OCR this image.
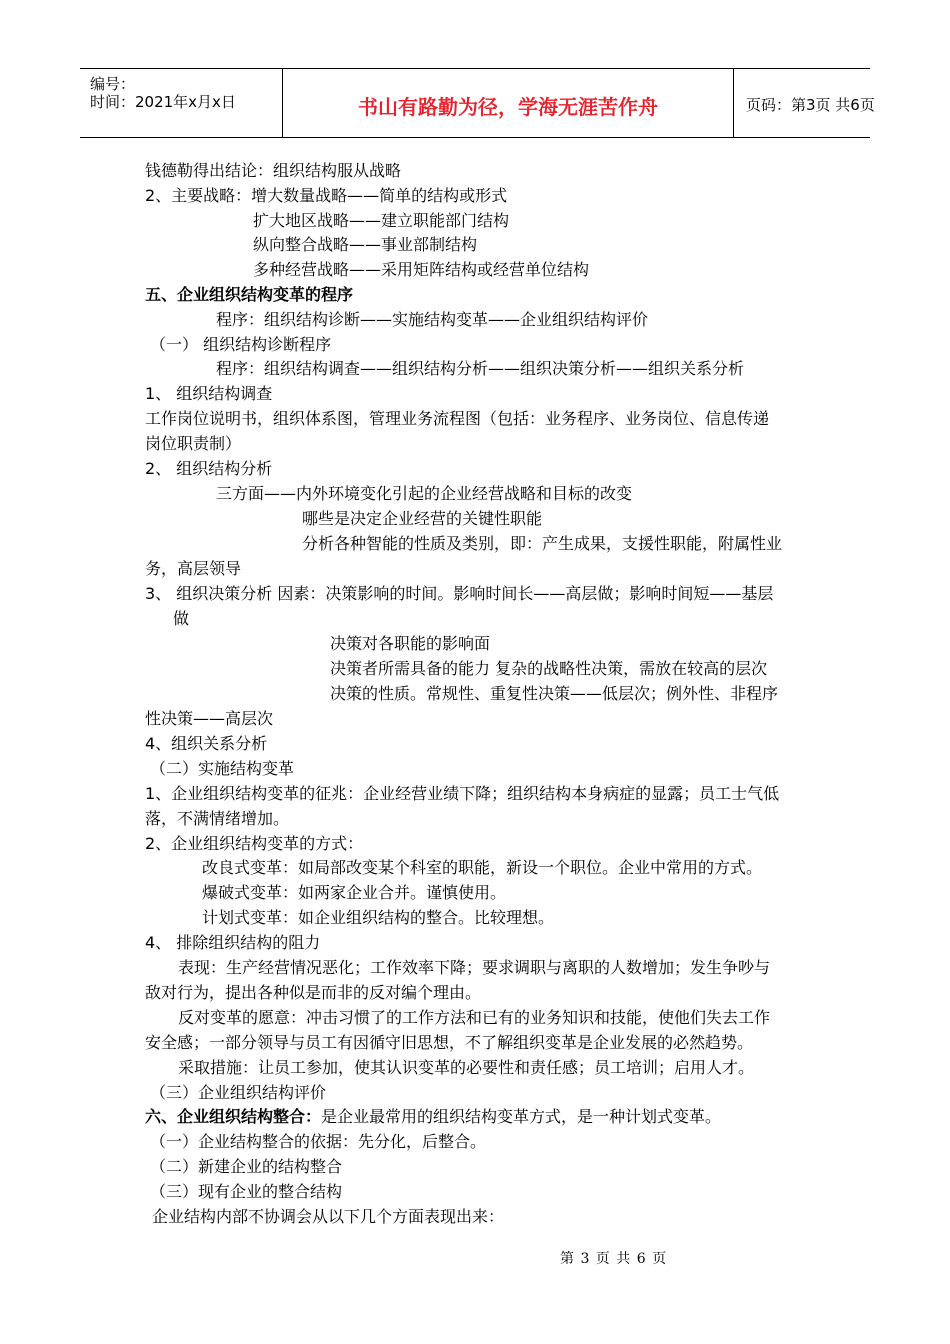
编号：
时间：2021年x月x日	书山有路勤为径，学海无涯苦作舟	页码：第3页 共6页
钱德勒得出结论：组织结构服从战略
2、主要战略：增大数量战略——简单的结构或形式
扩大地区战略——建立职能部门结构
纵向整合战略——事业部制结构
多种经营战略——采用矩阵结构或经营单位结构
五、企业组织结构变革的程序
程序：组织结构诊断——实施结构变革——企业组织结构评价
（一） 组织结构诊断程序
程序：组织结构调查——组织结构分析——组织决策分析——组织关系分析
1、 组织结构调查
工作岗位说明书，组织体系图，管理业务流程图（包括：业务程序、业务岗位、信息传递
岗位职责制）
2、 组织结构分析
三方面——内外环境变化引起的企业经营战略和目标的改变
哪些是决定企业经营的关键性职能
分析各种智能的性质及类别，即：产生成果，支援性职能，附属性业
务，高层领导
3、 组织决策分析 因素：决策影响的时间。影响时间长——高层做；影响时间短——基层
做
决策对各职能的影响面
决策者所需具备的能力 复杂的战略性决策，需放在较高的层次
决策的性质。常规性、重复性决策——低层次；例外性、非程序
性决策——高层次
4、组织关系分析
（二）实施结构变革
1、企业组织结构变革的征兆：企业经营业绩下降；组织结构本身病症的显露；员工士气低
落，不满情绪增加。
2、企业组织结构变革的方式：
改良式变革：如局部改变某个科室的职能，新设一个职位。企业中常用的方式。
爆破式变革：如两家企业合并。谨慎使用。
计划式变革：如企业组织结构的整合。比较理想。
4、 排除组织结构的阻力
表现：生产经营情况恶化；工作效率下降；要求调职与离职的人数增加；发生争吵与
敌对行为，提出各种似是而非的反对编个理由。
反对变革的愿意：冲击习惯了的工作方法和已有的业务知识和技能，使他们失去工作
安全感；一部分领导与员工有因循守旧思想，不了解组织变革是企业发展的必然趋势。
采取措施：让员工参加，使其认识变革的必要性和责任感；员工培训；启用人才。
（三）企业组织结构评价
六、企业组织结构整合：是企业最常用的组织结构变革方式，是一种计划式变革。
（一）企业结构整合的依据：先分化，后整合。
（二）新建企业的结构整合
（三）现有企业的整合结构
企业结构内部不协调会从以下几个方面表现出来：
第 3 页 共 6 页
